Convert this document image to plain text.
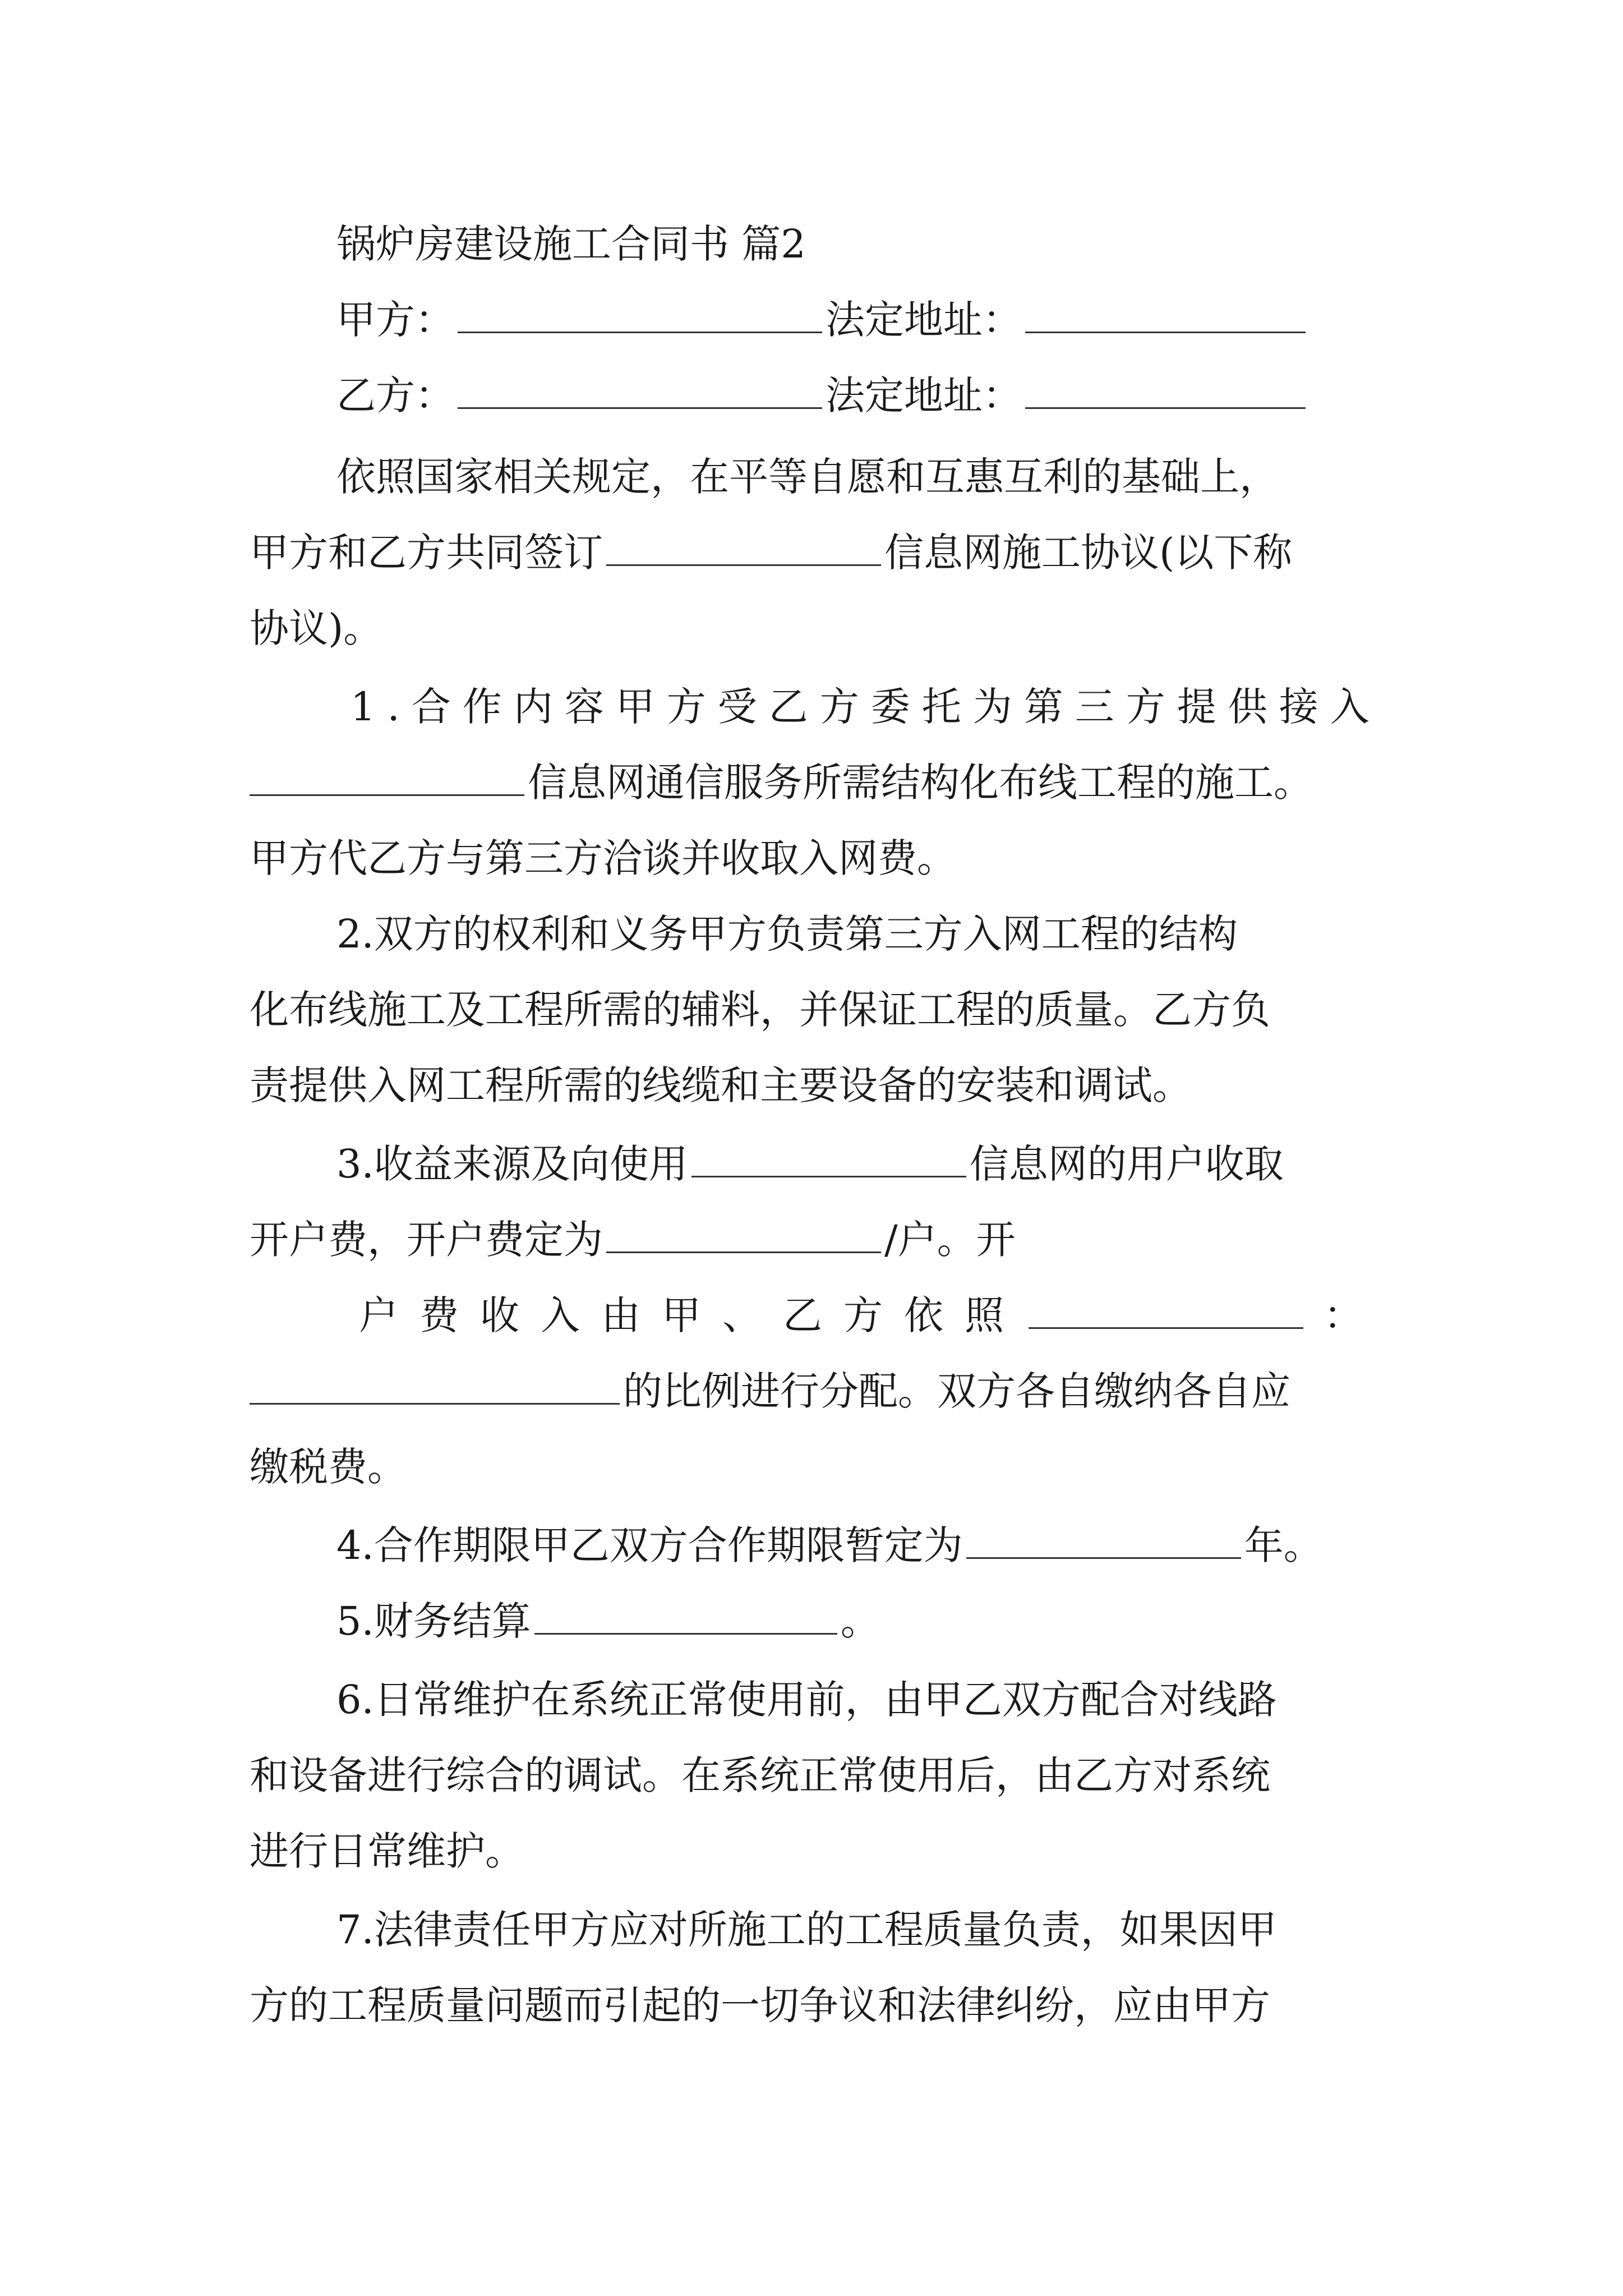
锅炉房建设施工合同书 篇2
甲方：	法定地址：
乙方：	法定地址：
依照国家相关规定，在平等自愿和互惠互利的基础上，
甲方和乙方共同签订	信息网施工协议(以下称
协议)。
1.合作内容甲方受乙方委托为第三方提供接入
信息网通信服务所需结构化布线工程的施工。
甲方代乙方与第三方洽谈并收取入网费。
2.双方的权利和义务甲方负责第三方入网工程的结构
化布线施工及工程所需的辅料，并保证工程的质量。乙方负
责提供入网工程所需的线缆和主要设备的安装和调试。
3.收益来源及向使用	信息网的用户收取
开户费，开户费定为	/户。开
户费收入由甲、乙方依照	：
的比例进行分配。双方各自缴纳各自应
缴税费。
4.合作期限甲乙双方合作期限暂定为	年。
5.财务结算	。
6.日常维护在系统正常使用前，由甲乙双方配合对线路
和设备进行综合的调试。在系统正常使用后，由乙方对系统
进行日常维护。
7.法律责任甲方应对所施工的工程质量负责，如果因甲
方的工程质量问题而引起的一切争议和法律纠纷，应由甲方
